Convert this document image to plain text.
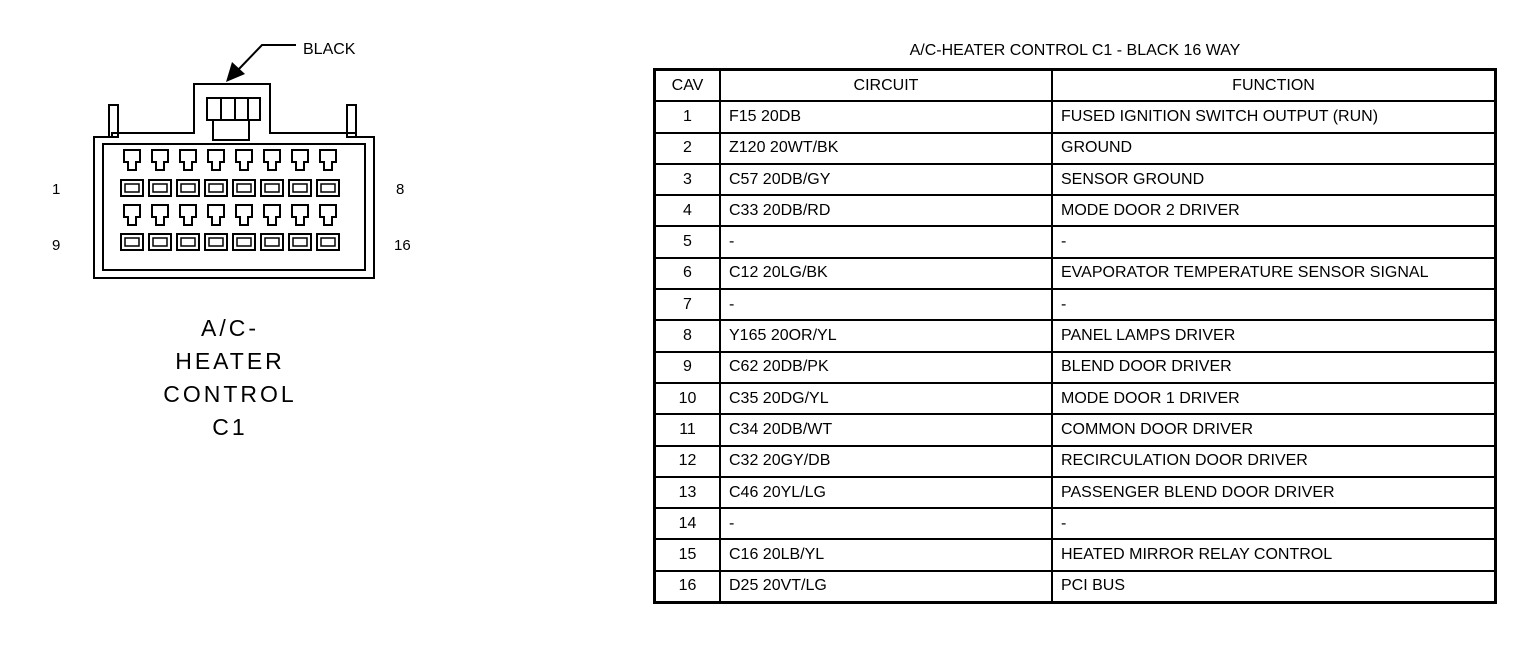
BLACK
1	8
9	16
A/C-
HEATER
CONTROL
C1
A/C-HEATER CONTROL C1 - BLACK 16 WAY
CAV	CIRCUIT	FUNCTION
1	F15 20DB	FUSED IGNITION SWITCH OUTPUT (RUN)
2	Z120 20WT/BK	GROUND
3	C57 20DB/GY	SENSOR GROUND
4	C33 20DB/RD	MODE DOOR 2 DRIVER
5	-	-
6	C12 20LG/BK	EVAPORATOR TEMPERATURE SENSOR SIGNAL
7	-	-
8	Y165 20OR/YL	PANEL LAMPS DRIVER
9	C62 20DB/PK	BLEND DOOR DRIVER
10	C35 20DG/YL	MODE DOOR 1 DRIVER
11	C34 20DB/WT	COMMON DOOR DRIVER
12	C32 20GY/DB	RECIRCULATION DOOR DRIVER
13	C46 20YL/LG	PASSENGER BLEND DOOR DRIVER
14	-	-
15	C16 20LB/YL	HEATED MIRROR RELAY CONTROL
16	D25 20VT/LG	PCI BUS
